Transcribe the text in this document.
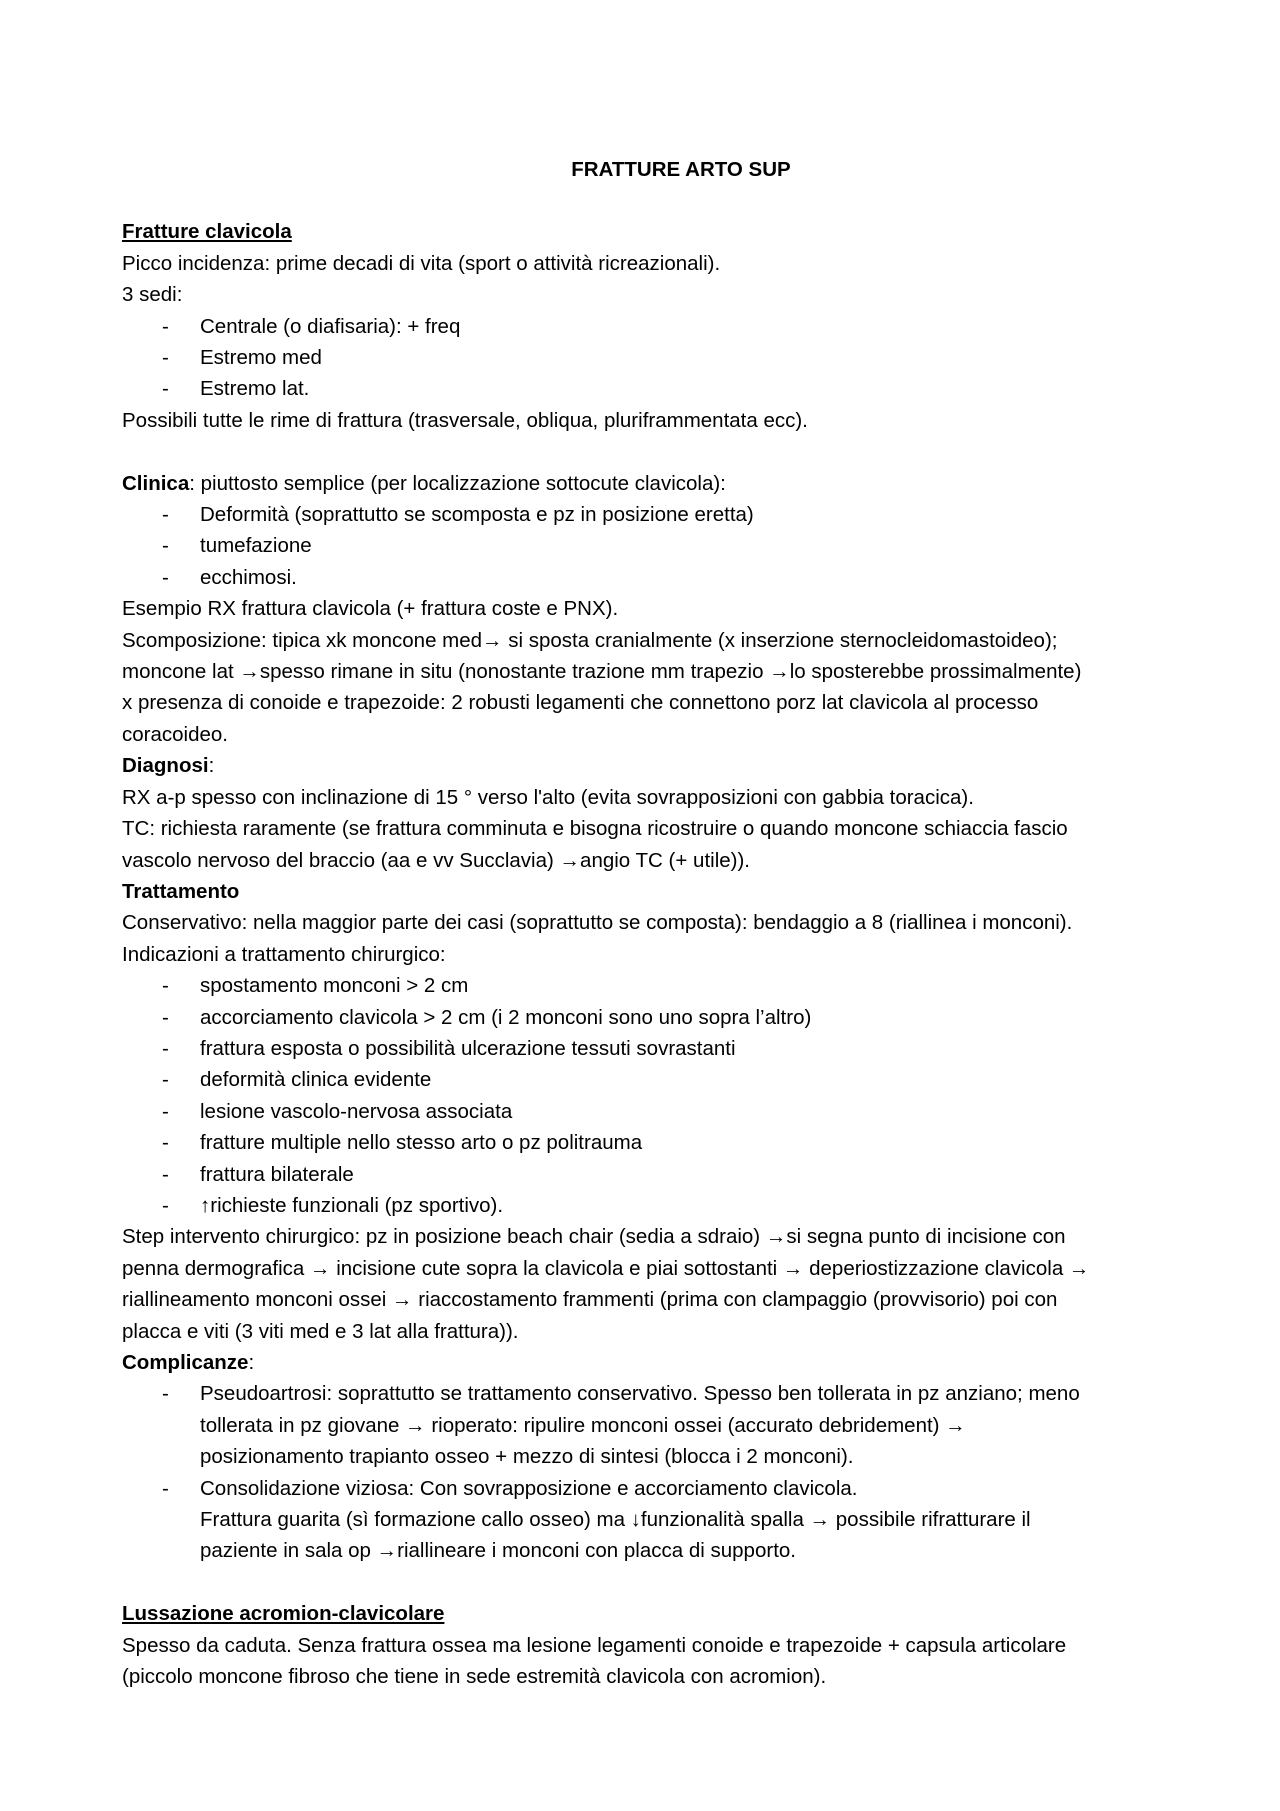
FRATTURE ARTO SUP
Fratture clavicola
Picco incidenza: prime decadi di vita (sport o attività ricreazionali).
3 sedi:
- Centrale (o diafisaria): + freq
- Estremo med
- Estremo lat.
Possibili tutte le rime di frattura (trasversale, obliqua, pluriframmentata ecc).
Clinica: piuttosto semplice (per localizzazione sottocute clavicola):
- Deformità (soprattutto se scomposta e pz in posizione eretta)
- tumefazione
- ecchimosi.
Esempio RX frattura clavicola (+ frattura coste e PNX).
Scomposizione: tipica xk moncone med→ si sposta cranialmente (x inserzione sternocleidomastoideo);
moncone lat →spesso rimane in situ (nonostante trazione mm trapezio →lo sposterebbe prossimalmente)
x presenza di conoide e trapezoide: 2 robusti legamenti che connettono porz lat clavicola al processo
coracoideo.
Diagnosi:
RX a-p spesso con inclinazione di 15 ° verso l'alto (evita sovrapposizioni con gabbia toracica).
TC: richiesta raramente (se frattura comminuta e bisogna ricostruire o quando moncone schiaccia fascio
vascolo nervoso del braccio (aa e vv Succlavia) →angio TC (+ utile)).
Trattamento
Conservativo: nella maggior parte dei casi (soprattutto se composta): bendaggio a 8 (riallinea i monconi).
Indicazioni a trattamento chirurgico:
- spostamento monconi > 2 cm
- accorciamento clavicola > 2 cm (i 2 monconi sono uno sopra l’altro)
- frattura esposta o possibilità ulcerazione tessuti sovrastanti
- deformità clinica evidente
- lesione vascolo-nervosa associata
- fratture multiple nello stesso arto o pz politrauma
- frattura bilaterale
- ↑richieste funzionali (pz sportivo).
Step intervento chirurgico: pz in posizione beach chair (sedia a sdraio) →si segna punto di incisione con
penna dermografica → incisione cute sopra la clavicola e piai sottostanti → deperiostizzazione clavicola →
riallineamento monconi ossei → riaccostamento frammenti (prima con clampaggio (provvisorio) poi con
placca e viti (3 viti med e 3 lat alla frattura)).
Complicanze:
- Pseudoartrosi: soprattutto se trattamento conservativo. Spesso ben tollerata in pz anziano; meno
tollerata in pz giovane → rioperato: ripulire monconi ossei (accurato debridement) →
posizionamento trapianto osseo + mezzo di sintesi (blocca i 2 monconi).
- Consolidazione viziosa: Con sovrapposizione e accorciamento clavicola.
Frattura guarita (sì formazione callo osseo) ma ↓funzionalità spalla → possibile rifratturare il
paziente in sala op →riallineare i monconi con placca di supporto.
Lussazione acromion-clavicolare
Spesso da caduta. Senza frattura ossea ma lesione legamenti conoide e trapezoide + capsula articolare
(piccolo moncone fibroso che tiene in sede estremità clavicola con acromion).
